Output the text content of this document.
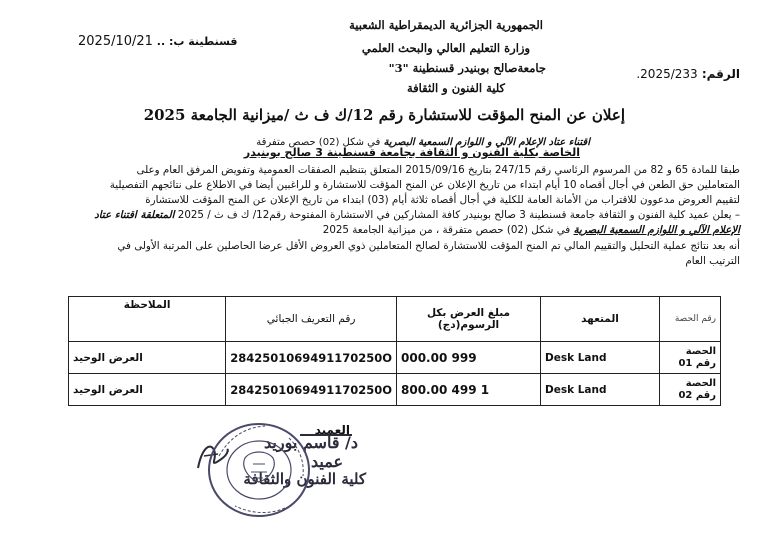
الجمهورية الجزائرية الديمقراطية الشعبية
وزارة التعليم العالي والبحث العلمي
جامعةصالح بوبنيدر قسنطينة "3"
كلية الفنون و الثقافة
الرقم: 2025/233.
2025/10/21 قسنطينة ب: ..
إعلان عن المنح المؤقت للاستشارة رقم 12/ك ف ث /ميزانية الجامعة 2025
اقتناء عتاد الإعلام الآلي و اللوازم السمعية البصرية في شكل (02) حصص متفرقة
الخاصة بكلية الفنون و الثقافة بجامعة قسنطينة 3 صالح بوبنيدر
طبقا للمادة 65 و 82 من المرسوم الرئاسي رقم 247/15 بتاريخ 2015/09/16 المتعلق بتنظيم الصفقات العمومية وتفويض المرفق العام وعلى
المتعاملين حق الطعن في أجال أقصاه 10 أيام ابتداء من تاريخ الإعلان عن المنح المؤقت للاستشارة و للراغبين أيضا في الاطلاع على نتائجهم التفصيلية
لتقييم العروض مدعوون للاقتراب من الأمانة العامة للكلية في أجال أقصاه ثلاثة أيام (03) ابتداء من تاريخ الإعلان عن المنح المؤقت للاستشارة
– يعلن عميد كلية الفنون و الثقافة جامعة قسنطينة 3 صالح بوبنيدر كافة المشاركين في الاستشارة المفتوحة رقم12/ ك ف ث / 2025 المتعلقة اقتناء عتاد
الإعلام الآلي و اللوازم السمعية البصرية في شكل (02) حصص متفرقة ، من ميزانية الجامعة 2025
أنه بعد نتائج عملية التحليل والتقييم المالي تم المنح المؤقت للاستشارة لصالح المتعاملين ذوي العروض الأقل عرضا الحاصلين على المرتبة الأولى في
الترتيب العام
رقم الحصة	المتعهد	مبلغ العرض بكل الرسوم(دج)	رقم التعريف الجبائي	الملاحظة
الحصة رقم 01	Desk Land	999 000.00	2842501069491170250O	العرض الوحيد
الحصة رقم 02	Desk Land	1 499 800.00	2842501069491170250O	العرض الوحيد
العميد
د/ قاسم بوريد
عميد
كلية الفنون والثقافة
